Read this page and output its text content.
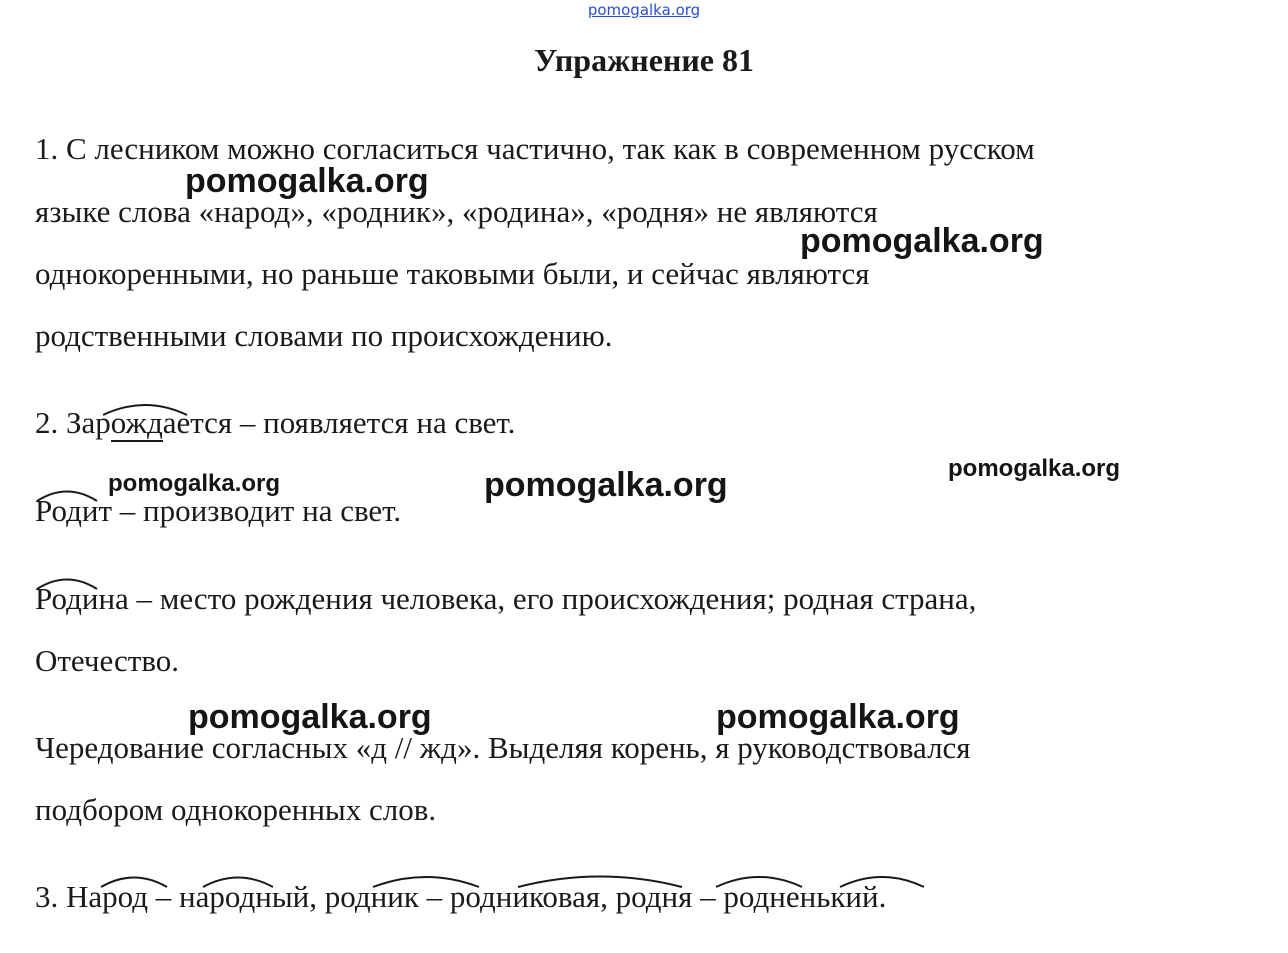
pomogalka.org
Упражнение 81
1. С лесником можно согласиться частично, так как в современном русском
языке слова «народ», «родник», «родина», «родня» не являются
однокоренными, но раньше таковыми были, и сейчас являются
родственными словами по происхождению.
2. Зарождается – появляется на свет.
Родит – производит на свет.
Родина – место рождения человека, его происхождения; родная страна,
Отечество.
Чередование согласных «д // жд». Выделяя корень, я руководствовался
подбором однокоренных слов.
3. Народ – народный, родник – родниковая, родня – родненький.
pomogalka.org
pomogalka.org
pomogalka.org	pomogalka.org	pomogalka.org
pomogalka.org	pomogalka.org
